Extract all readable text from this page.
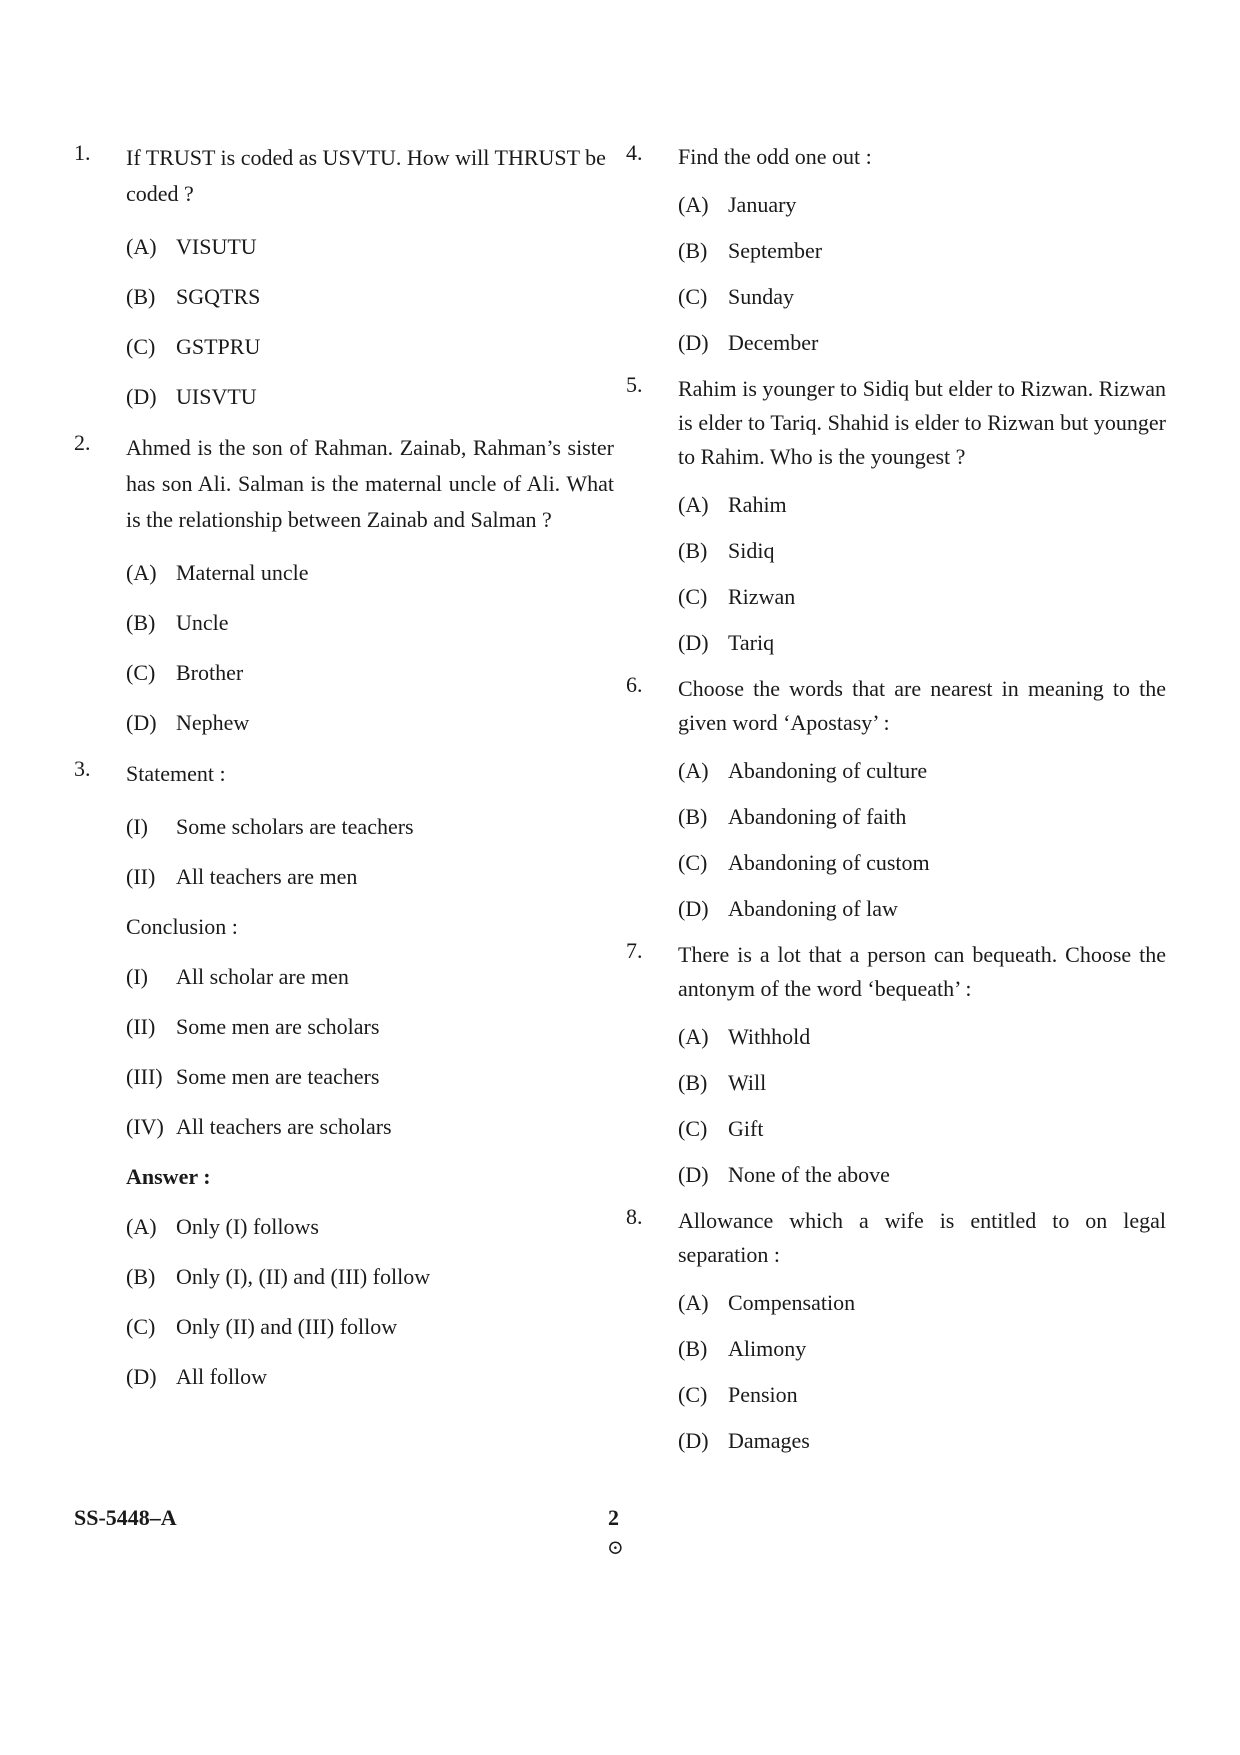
1. If TRUST is coded as USVTU. How will THRUST be coded ?
(A) VISUTU
(B) SGQTRS
(C) GSTPRU
(D) UISVTU
2. Ahmed is the son of Rahman. Zainab, Rahman’s sister has son Ali. Salman is the maternal uncle of Ali. What is the relationship between Zainab and Salman ?
(A) Maternal uncle
(B) Uncle
(C) Brother
(D) Nephew
3. Statement :
(I)	Some scholars are teachers
(II) All teachers are men
Conclusion :
(I)	All scholar are men
(II) Some men are scholars
(III) Some men are teachers
(IV) All teachers are scholars
Answer :
(A) Only (I) follows
(B) Only (I), (II) and (III) follow
(C) Only (II) and (III) follow
(D) All follow
4. Find the odd one out :
(A) January
(B) September
(C) Sunday
(D) December
5. Rahim is younger to Sidiq but elder to Rizwan. Rizwan is elder to Tariq. Shahid is elder to Rizwan but younger to Rahim. Who is the youngest ?
(A) Rahim
(B) Sidiq
(C) Rizwan
(D) Tariq
6. Choose the words that are nearest in meaning to the given word ‘Apostasy’ :
(A) Abandoning of culture
(B) Abandoning of faith
(C) Abandoning of custom
(D) Abandoning of law
7. There is a lot that a person can bequeath. Choose the antonym of the word ‘bequeath’ :
(A) Withhold
(B) Will
(C) Gift
(D) None of the above
8. Allowance which a wife is entitled to on legal separation :
(A) Compensation
(B) Alimony
(C) Pension
(D) Damages
SS-5448–A	2
⊙
